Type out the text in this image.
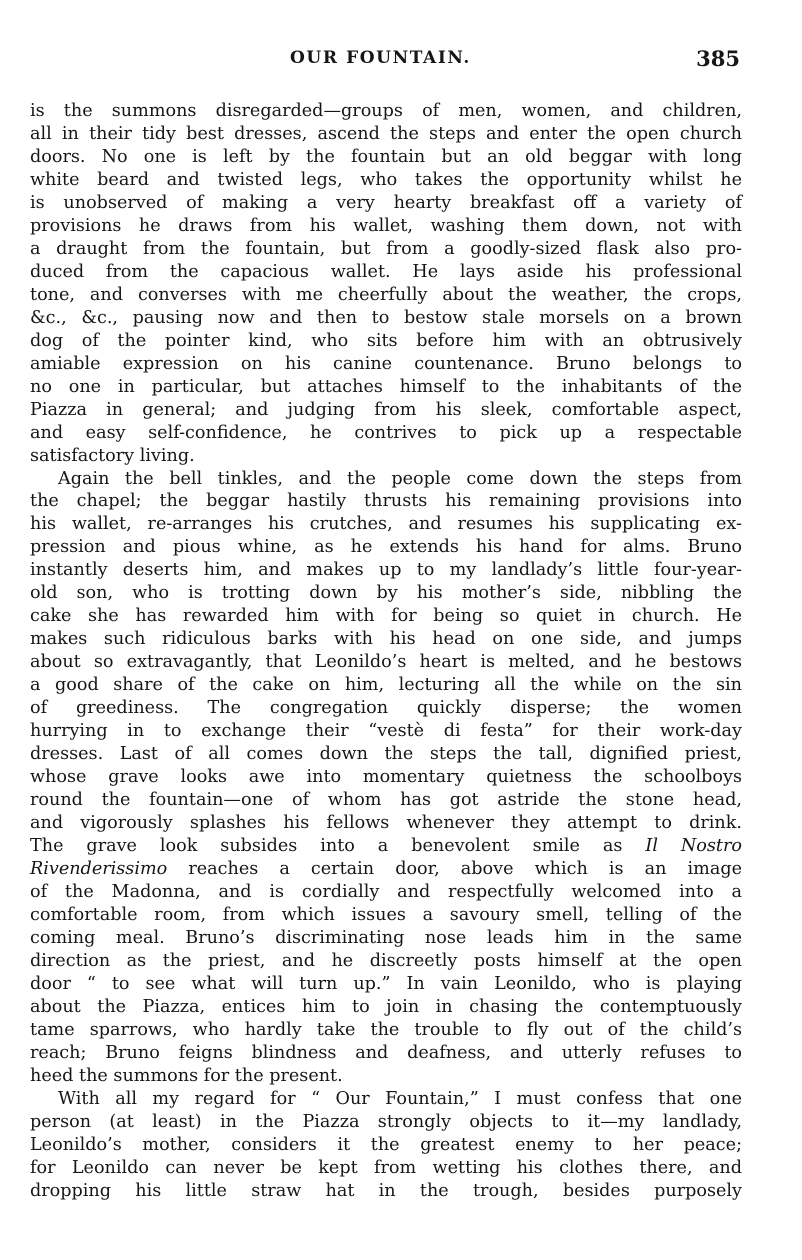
OUR FOUNTAIN.	385
is the summons disregarded—groups of men, women, and children,
all in their tidy best dresses, ascend the steps and enter the open church
doors. No one is left by the fountain but an old beggar with long
white beard and twisted legs, who takes the opportunity whilst he
is unobserved of making a very hearty breakfast off a variety of
provisions he draws from his wallet, washing them down, not with
a draught from the fountain, but from a goodly-sized flask also pro-
duced from the capacious wallet. He lays aside his professional
tone, and converses with me cheerfully about the weather, the crops,
&c., &c., pausing now and then to bestow stale morsels on a brown
dog of the pointer kind, who sits before him with an obtrusively
amiable expression on his canine countenance. Bruno belongs to
no one in particular, but attaches himself to the inhabitants of the
Piazza in general; and judging from his sleek, comfortable aspect,
and easy self-confidence, he contrives to pick up a respectable
satisfactory living.
Again the bell tinkles, and the people come down the steps from
the chapel; the beggar hastily thrusts his remaining provisions into
his wallet, re-arranges his crutches, and resumes his supplicating ex-
pression and pious whine, as he extends his hand for alms. Bruno
instantly deserts him, and makes up to my landlady’s little four-year-
old son, who is trotting down by his mother’s side, nibbling the
cake she has rewarded him with for being so quiet in church. He
makes such ridiculous barks with his head on one side, and jumps
about so extravagantly, that Leonildo’s heart is melted, and he bestows
a good share of the cake on him, lecturing all the while on the sin
of greediness. The congregation quickly disperse; the women
hurrying in to exchange their “vestè di festa” for their work-day
dresses. Last of all comes down the steps the tall, dignified priest,
whose grave looks awe into momentary quietness the schoolboys
round the fountain—one of whom has got astride the stone head,
and vigorously splashes his fellows whenever they attempt to drink.
The grave look subsides into a benevolent smile as Il Nostro
Rivenderissimo reaches a certain door, above which is an image
of the Madonna, and is cordially and respectfully welcomed into a
comfortable room, from which issues a savoury smell, telling of the
coming meal. Bruno’s discriminating nose leads him in the same
direction as the priest, and he discreetly posts himself at the open
door “ to see what will turn up.” In vain Leonildo, who is playing
about the Piazza, entices him to join in chasing the contemptuously
tame sparrows, who hardly take the trouble to fly out of the child’s
reach; Bruno feigns blindness and deafness, and utterly refuses to
heed the summons for the present.
With all my regard for “ Our Fountain,” I must confess that one
person (at least) in the Piazza strongly objects to it—my landlady,
Leonildo’s mother, considers it the greatest enemy to her peace;
for Leonildo can never be kept from wetting his clothes there, and
dropping his little straw hat in the trough, besides purposely
